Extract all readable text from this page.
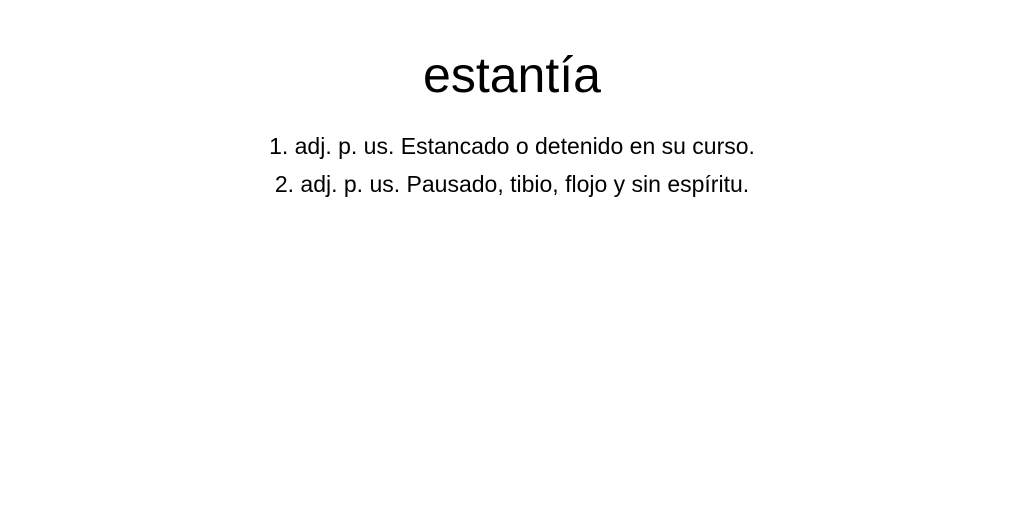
estantía
1. adj. p. us. Estancado o detenido en su curso.
2. adj. p. us. Pausado, tibio, flojo y sin espíritu.
